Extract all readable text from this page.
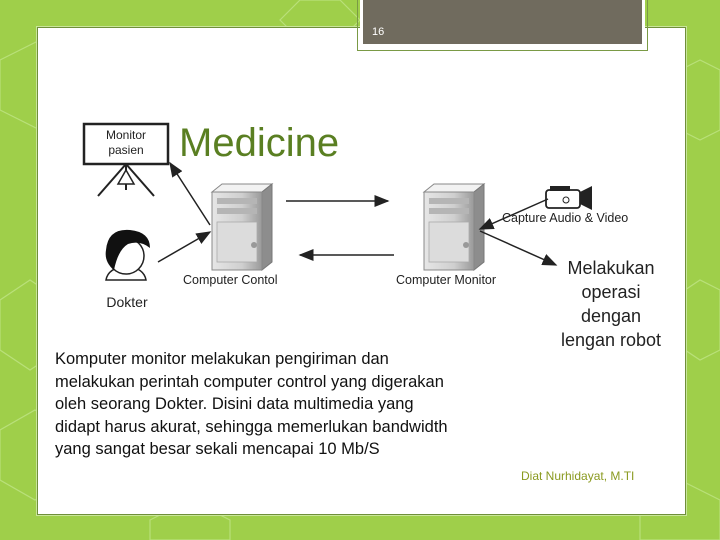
16
Medicine
Monitor
pasien
Dokter
Computer Contol	Computer Monitor
Capture Audio & Video
Melakukan
operasi
dengan
lengan robot

Komputer monitor melakukan pengiriman dan

melakukan perintah computer control yang digerakan

oleh seorang Dokter. Disini data multimedia yang

didapt harus akurat, sehingga memerlukan bandwidth

yang sangat besar sekali mencapai 10 Mb/S

Diat Nurhidayat, M.TI
